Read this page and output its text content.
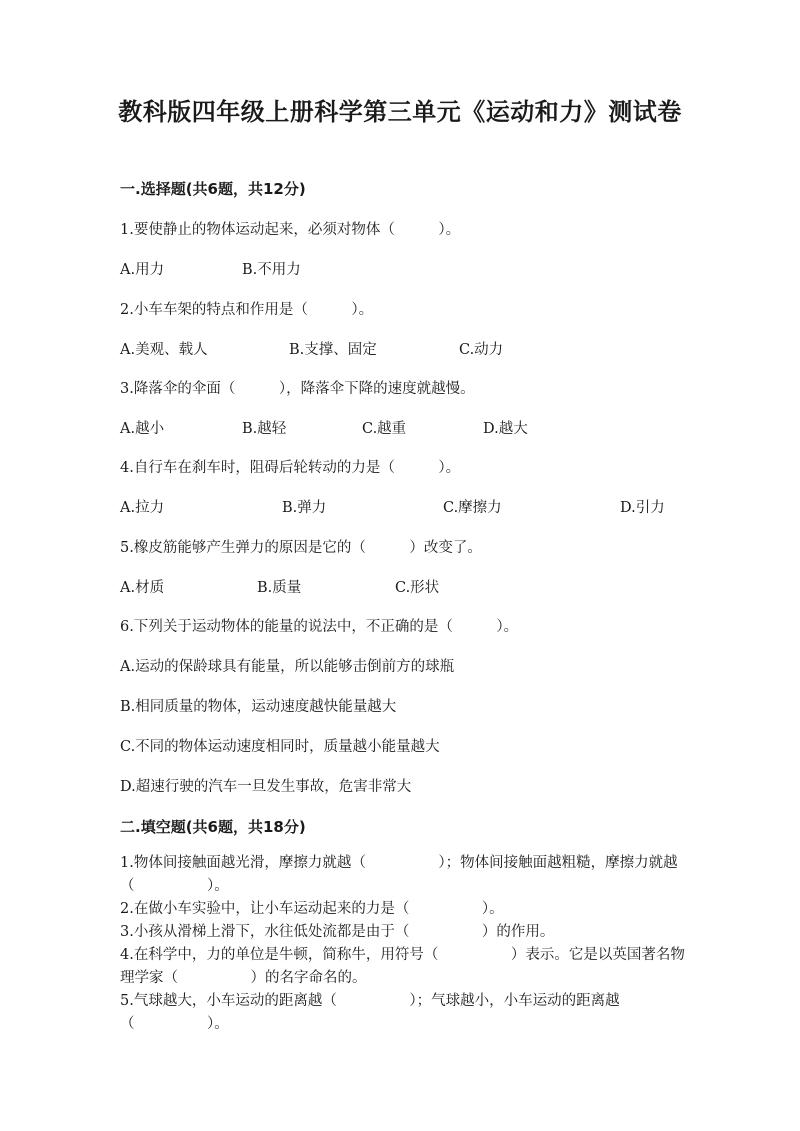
教科版四年级上册科学第三单元《运动和力》测试卷
一.选择题(共6题，共12分)
1.要使静止的物体运动起来，必须对物体（　　　）。
A.用力	B.不用力
2.小车车架的特点和作用是（　　　）。
A.美观、载人	B.支撑、固定	C.动力
3.降落伞的伞面（　　　），降落伞下降的速度就越慢。
A.越小	B.越轻	C.越重	D.越大
4.自行车在刹车时，阻碍后轮转动的力是（　　　）。
A.拉力	B.弹力	C.摩擦力	D.引力
5.橡皮筋能够产生弹力的原因是它的（　　　）改变了。
A.材质	B.质量	C.形状
6.下列关于运动物体的能量的说法中，不正确的是（　　　）。
A.运动的保龄球具有能量，所以能够击倒前方的球瓶
B.相同质量的物体，运动速度越快能量越大
C.不同的物体运动速度相同时，质量越小能量越大
D.超速行驶的汽车一旦发生事故，危害非常大
二.填空题(共6题，共18分)
1.物体间接触面越光滑，摩擦力就越（　　　　　）；物体间接触面越粗糙，摩擦力就越（　　　　　）。
2.在做小车实验中，让小车运动起来的力是（　　　　　）。
3.小孩从滑梯上滑下，水往低处流都是由于（　　　　　）的作用。
4.在科学中，力的单位是牛顿，简称牛，用符号（　　　　　）表示。它是以英国著名物理学家（　　　　　）的名字命名的。
5.气球越大，小车运动的距离越（　　　　　）；气球越小，小车运动的距离越（　　　　　）。
